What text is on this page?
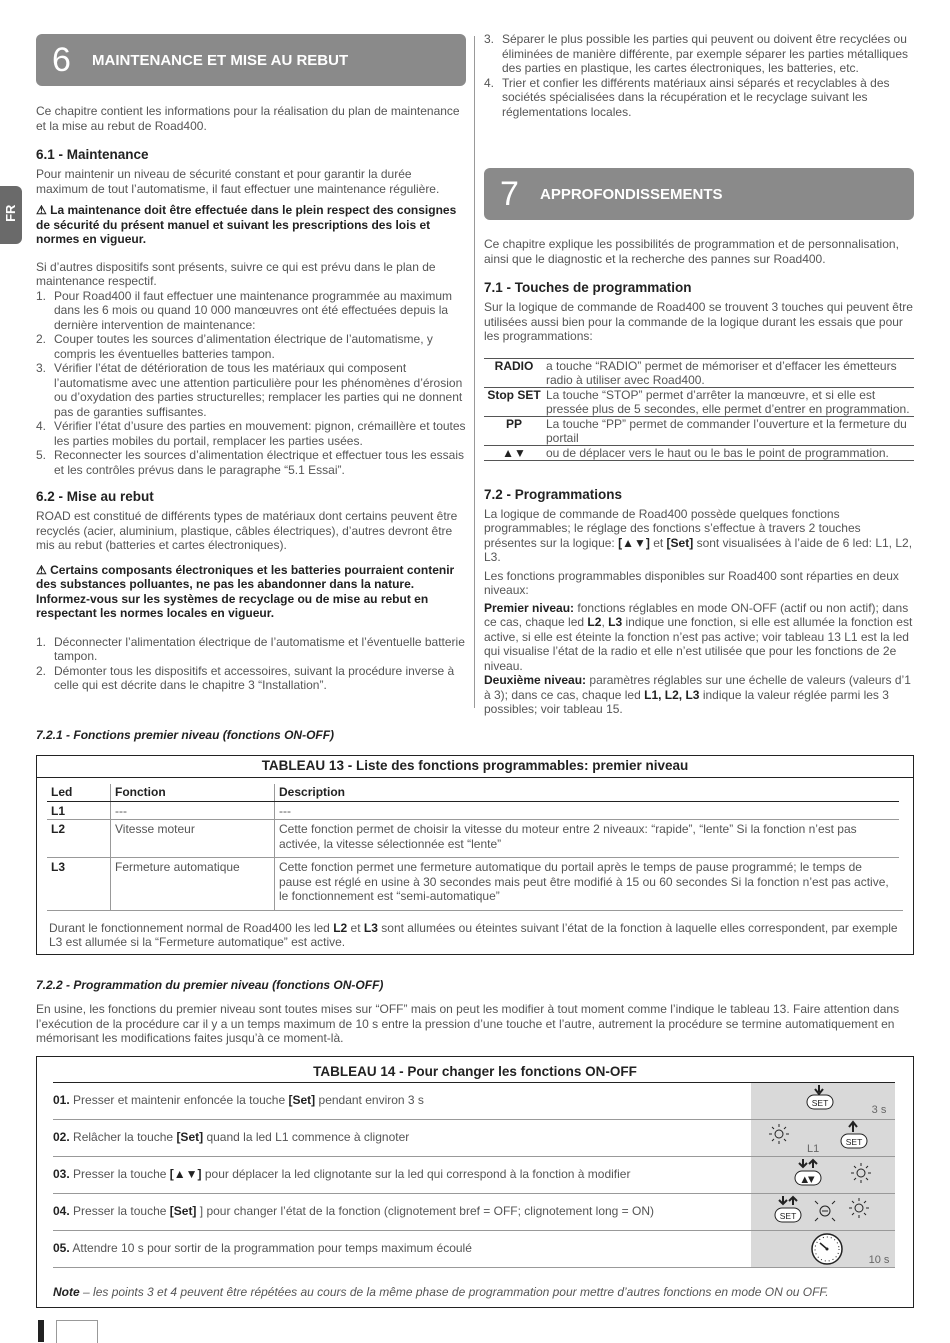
FR
6 MAINTENANCE ET MISE AU REBUT

Ce chapitre contient les informations pour la réalisation du plan de maintenance et la mise au rebut de Road400.

6.1 - Maintenance

Pour maintenir un niveau de sécurité constant et pour garantir la durée maximum de tout l’automatisme, il faut effectuer une maintenance régulière.

⚠ La maintenance doit être effectuée dans le plein respect des consignes de sécurité du présent manuel et suivant les prescriptions des lois et normes en vigueur.

Si d’autres dispositifs sont présents, suivre ce qui est prévu dans le plan de maintenance respectif.

1. Pour Road400 il faut effectuer une maintenance programmée au maximum dans les 6 mois ou quand 10 000 manœuvres ont été effectuées depuis la dernière intervention de maintenance:
2. Couper toutes les sources d’alimentation électrique de l’automatisme, y compris les éventuelles batteries tampon.
3. Vérifier l’état de détérioration de tous les matériaux qui composent l’automatisme avec une attention particulière pour les phénomènes d’érosion ou d’oxydation des parties structurelles; remplacer les parties qui ne donnent pas de garanties suffisantes.
4. Vérifier l’état d’usure des parties en mouvement: pignon, crémaillère et toutes les parties mobiles du portail, remplacer les parties usées.
5. Reconnecter les sources d’alimentation électrique et effectuer tous les essais et les contrôles prévus dans le paragraphe “5.1 Essai”.
6.2 - Mise au rebut

ROAD est constitué de différents types de matériaux dont certains peuvent être recyclés (acier, aluminium, plastique, câbles électriques), d’autres devront être mis au rebut (batteries et cartes électroniques).

⚠ Certains composants électroniques et les batteries pourraient contenir des substances polluantes, ne pas les abandonner dans la nature. Informez-vous sur les systèmes de recyclage ou de mise au rebut en respectant les normes locales en vigueur.

1. Déconnecter l’alimentation électrique de l’automatisme et l’éventuelle batterie tampon.
2. Démonter tous les dispositifs et accessoires, suivant la procédure inverse à celle qui est décrite dans le chapitre 3 “Installation”.
3. Séparer le plus possible les parties qui peuvent ou doivent être recyclées ou éliminées de manière différente, par exemple séparer les parties métalliques des parties en plastique, les cartes électroniques, les batteries, etc.
4. Trier et confier les différents matériaux ainsi séparés et recyclables à des sociétés spécialisées dans la récupération et le recyclage suivant les réglementations locales.
7 APPROFONDISSEMENTS

Ce chapitre explique les possibilités de programmation et de personnalisation, ainsi que le diagnostic et la recherche des pannes sur Road400.

7.1 - Touches de programmation

Sur la logique de commande de Road400 se trouvent 3 touches qui peuvent être utilisées aussi bien pour la commande de la logique durant les essais que pour les programmations:

RADIO	a touche “RADIO” permet de mémoriser et d’effacer les émetteurs radio à utiliser avec Road400.
Stop SET	La touche “STOP” permet d’arrêter la manœuvre, et si elle est pressée plus de 5 secondes, elle permet d’entrer en programmation.
PP	La touche “PP” permet de commander l’ouverture et la fermeture du portail
▲▼	ou de déplacer vers le haut ou le bas le point de programmation.
7.2 - Programmations

La logique de commande de Road400 possède quelques fonctions programmables; le réglage des fonctions s’effectue à travers 2 touches présentes sur la logique: [▲▼] et [Set] sont visualisées à l’aide de 6 led: L1, L2, L3.

Les fonctions programmables disponibles sur Road400 sont réparties en deux niveaux:

Premier niveau: fonctions réglables en mode ON-OFF (actif ou non actif); dans ce cas, chaque led L2, L3 indique une fonction, si elle est allumée la fonction est active, si elle est éteinte la fonction n’est pas active; voir tableau 13 L1 est la led qui visualise l’état de la radio et elle n’est utilisée que pour les fonctions de 2e niveau.

Deuxième niveau: paramètres réglables sur une échelle de valeurs (valeurs d’1 à 3); dans ce cas, chaque led L1, L2, L3 indique la valeur réglée parmi les 3 possibles; voir tableau 15.

7.2.1 - Fonctions premier niveau (fonctions ON-OFF)
TABLEAU 13 - Liste des fonctions programmables: premier niveau
Led	Fonction	Description
L1	---	---
L2	Vitesse moteur	Cette fonction permet de choisir la vitesse du moteur entre 2 niveaux: “rapide”, “lente” Si la fonction n’est pas activée, la vitesse sélectionnée est “lente”
L3	Fermeture automatique	Cette fonction permet une fermeture automatique du portail après le temps de pause programmé; le temps de pause est réglé en usine à 30 secondes mais peut être modifié à 15 ou 60 secondes Si la fonction n’est pas active, le fonctionnement est “semi-automatique”

Durant le fonctionnement normal de Road400 les led L2 et L3 sont allumées ou éteintes suivant l’état de la fonction à laquelle elles correspondent, par exemple L3 est allumée si la “Fermeture automatique” est active.

7.2.2 - Programmation du premier niveau (fonctions ON-OFF)

En usine, les fonctions du premier niveau sont toutes mises sur “OFF” mais on peut les modifier à tout moment comme l’indique le tableau 13. Faire attention dans l’exécution de la procédure car il y a un temps maximum de 10 s entre la pression d’une touche et l’autre, autrement la procédure se termine automatiquement en mémorisant les modifications faites jusqu’à ce moment-là.

TABLEAU 14 - Pour changer les fonctions ON-OFF
01. Presser et maintenir enfoncée la touche [Set] pendant environ 3 s	SET
3 s
02. Relâcher la touche [Set] quand la led L1 commence à clignoter
L1
SET
03. Presser la touche [▲▼] pour déplacer la led clignotante sur la led qui correspond à la fonction à modifier	▲▼
04. Presser la touche [Set] ] pour changer l’état de la fonction (clignotement bref = OFF; clignotement long = ON)	SET
05. Attendre 10 s pour sortir de la programmation pour temps maximum écoulé
10 s

Note – les points 3 et 4 peuvent être répétées au cours de la même phase de programmation pour mettre d’autres fonctions en mode ON ou OFF.
